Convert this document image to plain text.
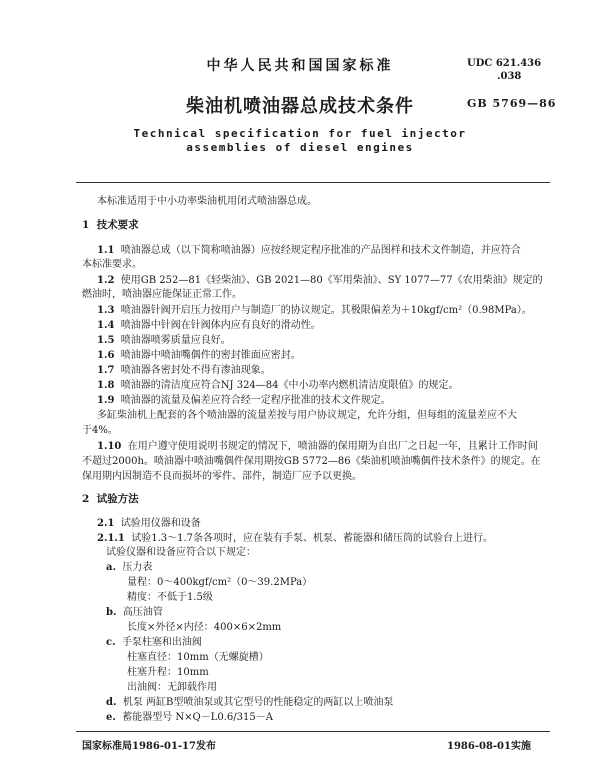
中华人民共和国国家标准	UDC 621.436
.038
柴油机喷油器总成技术条件	GB 5769—86
Technical specification for fuel injector
assemblies of diesel engines
本标准适用于中小功率柴油机用闭式喷油器总成。
1 技术要求
1.1 喷油器总成（以下简称喷油器）应按经规定程序批准的产品图样和技术文件制造，并应符合
本标准要求。
1.2 使用GB 252—81《轻柴油》、GB 2021—80《军用柴油》、SY 1077—77《农用柴油》规定的
燃油时，喷油器应能保证正常工作。
1.3 喷油器针阀开启压力按用户与制造厂的协议规定。其极限偏差为＋10kgf/cm²（0.98MPa）。
1.4 喷油器中针阀在针阀体内应有良好的滑动性。
1.5 喷油器喷雾质量应良好。
1.6 喷油器中喷油嘴偶件的密封锥面应密封。
1.7 喷油器各密封处不得有渗油现象。
1.8 喷油器的清洁度应符合NJ 324—84《中小功率内燃机清洁度限值》的规定。
1.9 喷油器的流量及偏差应符合经一定程序批准的技术文件规定。
多缸柴油机上配套的各个喷油器的流量差按与用户协议规定，允许分组，但每组的流量差应不大
于4%。
1.10 在用户遵守使用说明书规定的情况下，喷油器的保用期为自出厂之日起一年，且累计工作时间
不超过2000h。喷油器中喷油嘴偶件保用期按GB 5772—86《柴油机喷油嘴偶件技术条件》的规定。在
保用期内因制造不良而损坏的零件、部件，制造厂应予以更换。
2 试验方法
2.1 试验用仪器和设备
2.1.1 试验1.3～1.7条各项时，应在装有手泵、机泵、蓄能器和储压筒的试验台上进行。
试验仪器和设备应符合以下规定：
a. 压力表
量程：0～400kgf/cm²（0～39.2MPa）
精度：不低于1.5级
b. 高压油管
长度×外径×内径：400×6×2mm
c. 手泵柱塞和出油阀
柱塞直径：10mm（无螺旋槽）
柱塞升程：10mm
出油阀：无卸载作用
d. 机泵 两缸B型喷油泵或其它型号的性能稳定的两缸以上喷油泵
e. 蓄能器型号 N×Q－L0.6/315－A
国家标准局1986-01-17发布	1986-08-01实施
